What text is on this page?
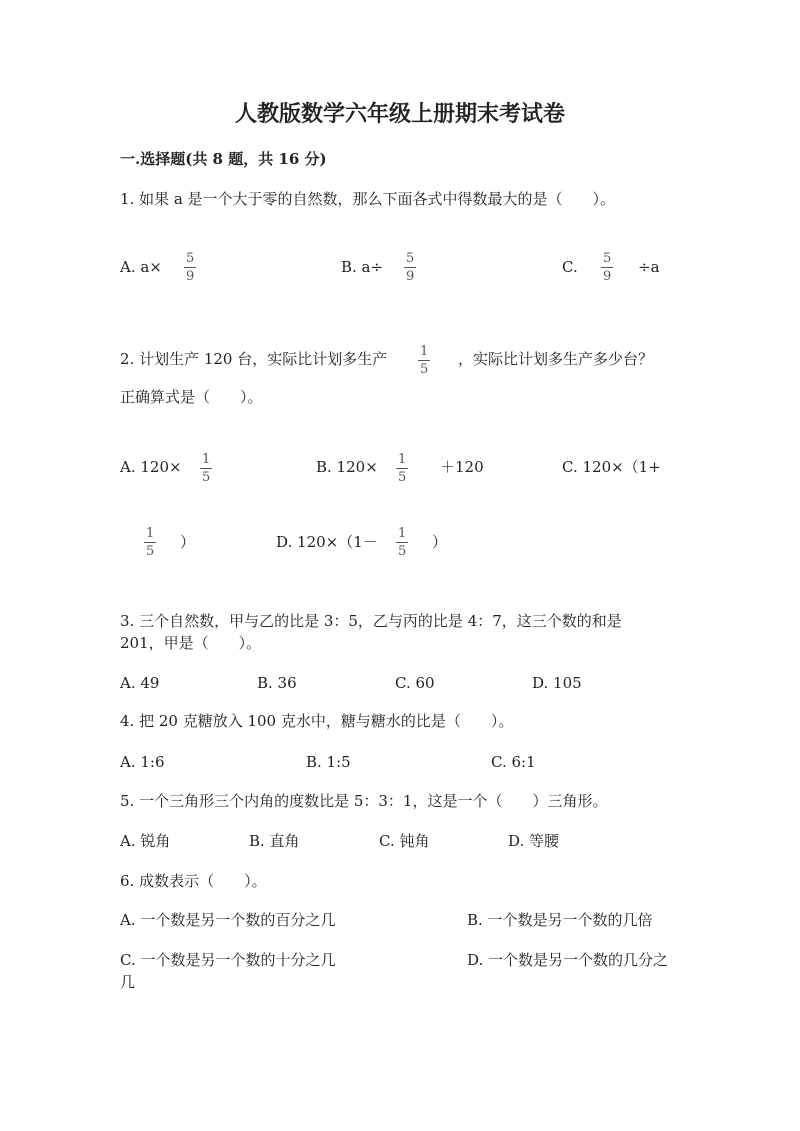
人教版数学六年级上册期末考试卷
一.选择题(共 8 题，共 16 分)
1. 如果 a 是一个大于零的自然数，那么下面各式中得数最大的是（　　）。
A. a× 5
9
B. a÷ 5
9
C. 5
9
÷a
2. 计划生产 120 台，实际比计划多生产	1
5
，实际比计划多生产多少台？
正确算式是（　　）。
A. 120× 1
5
B. 120× 1
5
＋120	C. 120×（1+
1
5
）	D. 120×（1－ 1
5
）
3. 三个自然数，甲与乙的比是 3：5，乙与丙的比是 4：7，这三个数的和是
201，甲是（　　）。
A. 49	B. 36	C. 60	D. 105
4. 把 20 克糖放入 100 克水中，糖与糖水的比是（　　）。
A. 1:6	B. 1:5	C. 6:1
5. 一个三角形三个内角的度数比是 5：3：1，这是一个（　　）三角形。
A. 锐角	B. 直角	C. 钝角	D. 等腰
6. 成数表示（　　）。
A. 一个数是另一个数的百分之几	B. 一个数是另一个数的几倍
C. 一个数是另一个数的十分之几
几
D. 一个数是另一个数的几分之
